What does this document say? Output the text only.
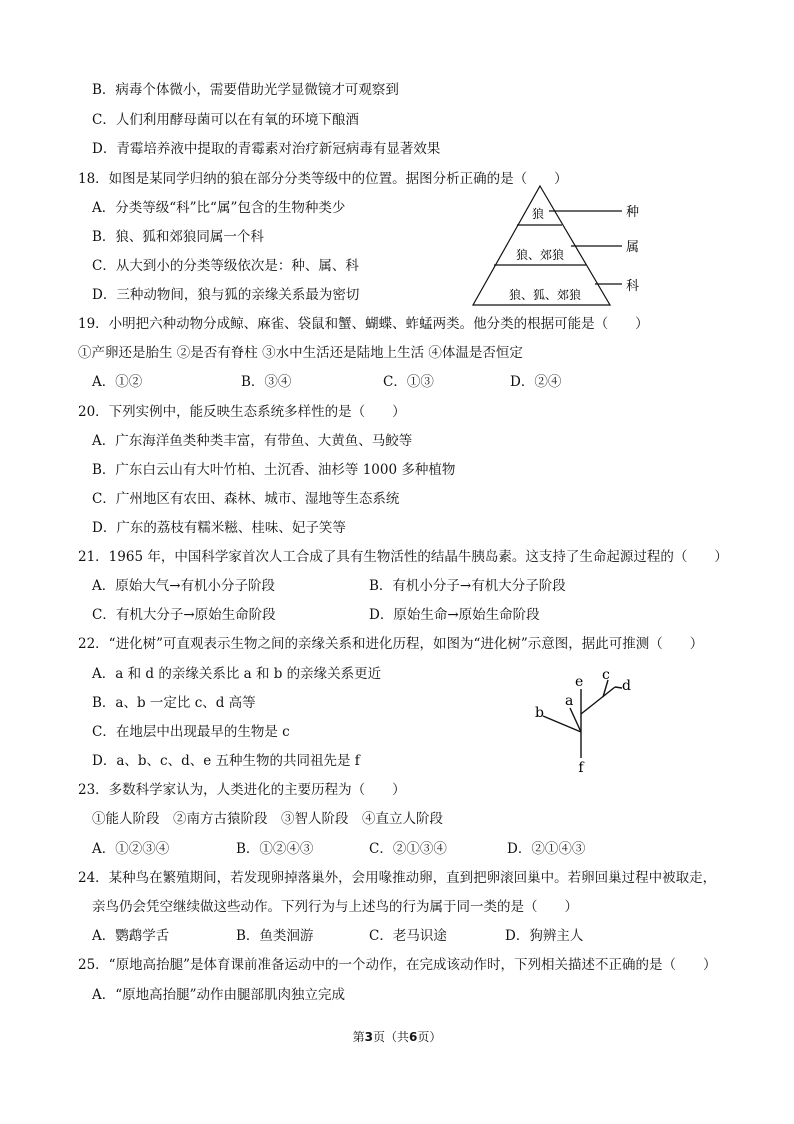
B．病毒个体微小，需要借助光学显微镜才可观察到
C．人们利用酵母菌可以在有氧的环境下酿酒
D．青霉培养液中提取的青霉素对治疗新冠病毒有显著效果
18．如图是某同学归纳的狼在部分分类等级中的位置。据图分析正确的是（　　）
A．分类等级“科”比“属”包含的生物种类少
B．狼、狐和郊狼同属一个科
C．从大到小的分类等级依次是：种、属、科
D．三种动物间，狼与狐的亲缘关系最为密切
狼
狼、郊狼
狼、狐、郊狼
种
属
科
19．小明把六种动物分成鲸、麻雀、袋鼠和蟹、蝴蝶、蚱蜢两类。他分类的根据可能是（　　）
①产卵还是胎生 ②是否有脊柱 ③水中生活还是陆地上生活 ④体温是否恒定
A．①②	B．③④	C．①③	D．②④
20．下列实例中，能反映生态系统多样性的是（　　）
A．广东海洋鱼类种类丰富，有带鱼、大黄鱼、马鲛等
B．广东白云山有大叶竹柏、土沉香、油杉等 1000 多种植物
C．广州地区有农田、森林、城市、湿地等生态系统
D．广东的荔枝有糯米糍、桂味、妃子笑等
21．1965 年，中国科学家首次人工合成了具有生物活性的结晶牛胰岛素。这支持了生命起源过程的（　　）
A．原始大气→有机小分子阶段	B．有机小分子→有机大分子阶段
C．有机大分子→原始生命阶段	D．原始生命→原始生命阶段
22．“进化树”可直观表示生物之间的亲缘关系和进化历程，如图为“进化树”示意图，据此可推测（　　）
A．a 和 d 的亲缘关系比 a 和 b 的亲缘关系更近
B．a、b 一定比 c、d 高等
C．在地层中出现最早的生物是 c
D．a、b、c、d、e 五种生物的共同祖先是 f	f
b
a
e c
d
23．多数科学家认为，人类进化的主要历程为（　　）
①能人阶段　②南方古猿阶段　③智人阶段　④直立人阶段
A．①②③④	B．①②④③	C．②①③④	D．②①④③
24．某种鸟在繁殖期间，若发现卵掉落巢外，会用喙推动卵，直到把卵滚回巢中。若卵回巢过程中被取走，
亲鸟仍会凭空继续做这些动作。下列行为与上述鸟的行为属于同一类的是（　　）
A．鹦鹉学舌	B．鱼类洄游	C．老马识途	D．狗辨主人
25．“原地高抬腿”是体育课前准备运动中的一个动作，在完成该动作时，下列相关描述不正确的是（　　）
A．“原地高抬腿”动作由腿部肌肉独立完成
第3页（共6页）
